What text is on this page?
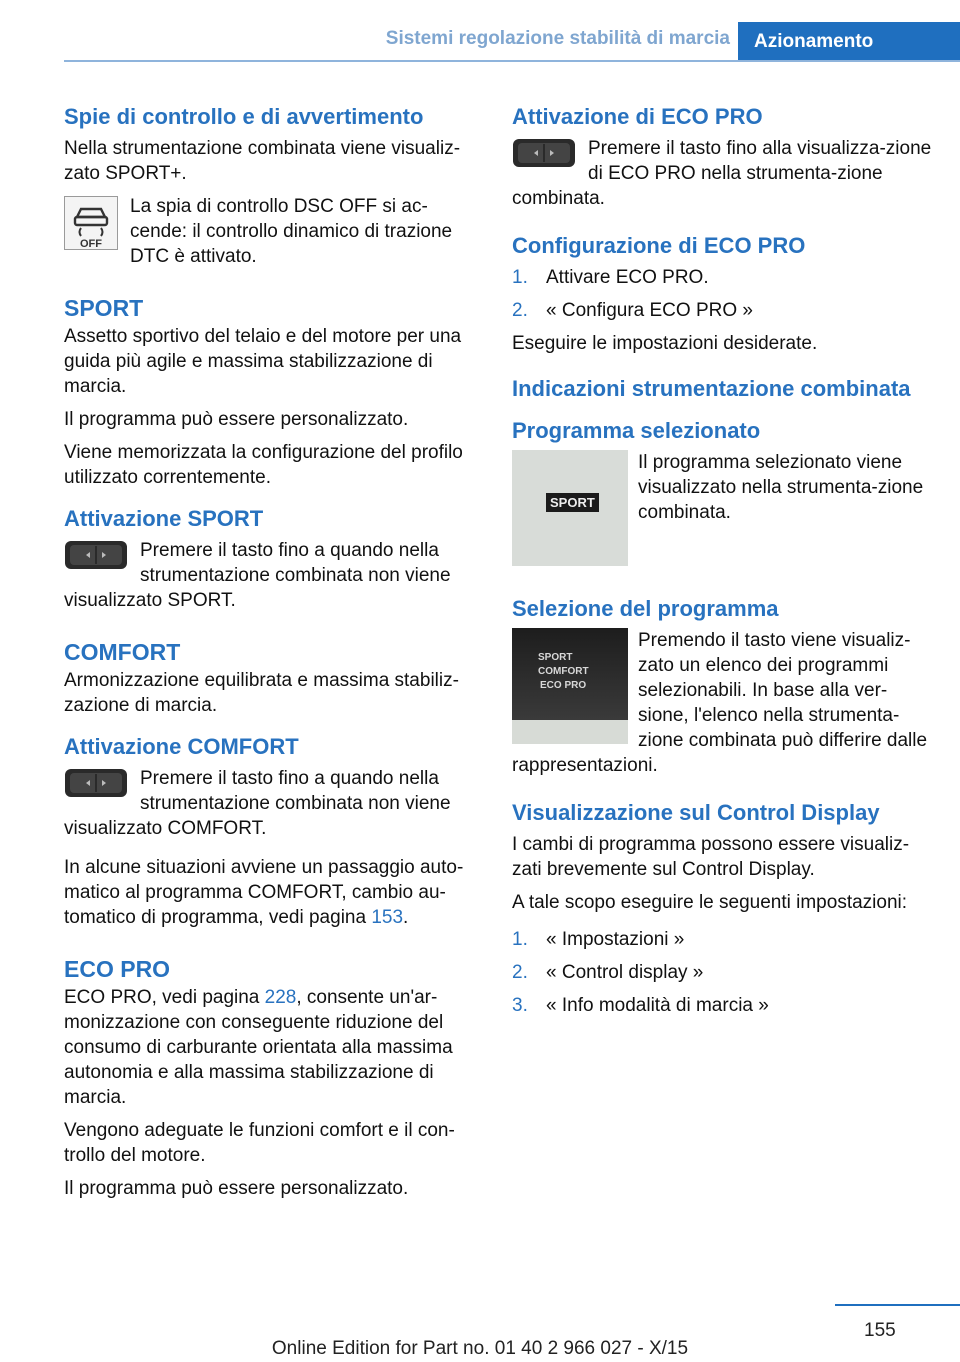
Sistemi regolazione stabilità di marcia	Azionamento
Spie di controllo e di avvertimento

Nella strumentazione combinata viene visualiz-zato SPORT+.

OFF

La spia di controllo DSC OFF si ac-cende: il controllo dinamico di trazione DTC è attivato.

SPORT

Assetto sportivo del telaio e del motore per una guida più agile e massima stabilizzazione di marcia.

Il programma può essere personalizzato.

Viene memorizzata la configurazione del profilo utilizzato correntemente.

Attivazione SPORT

Premere il tasto fino a quando nella strumentazione combinata non viene visualizzato SPORT.

COMFORT

Armonizzazione equilibrata e massima stabiliz-zazione di marcia.

Attivazione COMFORT

Premere il tasto fino a quando nella strumentazione combinata non viene visualizzato COMFORT.

In alcune situazioni avviene un passaggio auto-matico al programma COMFORT, cambio au-tomatico di programma, vedi pagina 153.

ECO PRO

ECO PRO, vedi pagina 228, consente un'ar-monizzazione con conseguente riduzione del consumo di carburante orientata alla massima autonomia e alla massima stabilizzazione di marcia.

Vengono adeguate le funzioni comfort e il con-trollo del motore.

Il programma può essere personalizzato.

Attivazione di ECO PRO

Premere il tasto fino alla visualizza-zione di ECO PRO nella strumenta-zione combinata.

Configurazione di ECO PRO
1. Attivare ECO PRO.
2. « Configura ECO PRO »

Eseguire le impostazioni desiderate.

Indicazioni strumentazione combinata
Programma selezionato
SPORT

Il programma selezionato viene visualizzato nella strumenta-zione combinata.

Selezione del programma
SPORT
COMFORT
ECO PRO

Premendo il tasto viene visualiz-zato un elenco dei programmi selezionabili. In base alla ver-sione, l'elenco nella strumenta-zione combinata può differire dalle rappresentazioni.

Visualizzazione sul Control Display

I cambi di programma possono essere visualiz-zati brevemente sul Control Display.

A tale scopo eseguire le seguenti impostazioni:

1. « Impostazioni »
2. « Control display »
3. « Info modalità di marcia »
155
Online Edition for Part no. 01 40 2 966 027 - X/15
